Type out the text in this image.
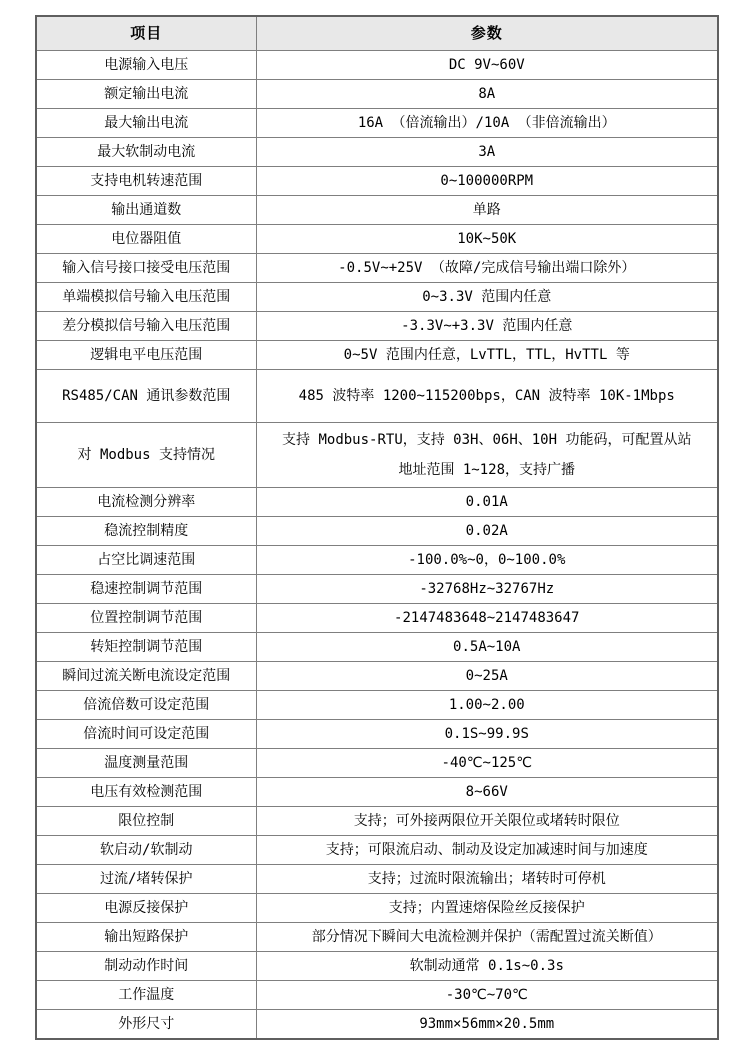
项目	参数
电源输入电压	DC 9V~60V
额定输出电流	8A
最大输出电流	16A （倍流输出）/10A （非倍流输出）
最大软制动电流	3A
支持电机转速范围	0~100000RPM
输出通道数	单路
电位器阻值	10K~50K
输入信号接口接受电压范围	-0.5V~+25V （故障/完成信号输出端口除外）
单端模拟信号输入电压范围	0~3.3V 范围内任意
差分模拟信号输入电压范围	-3.3V~+3.3V 范围内任意
逻辑电平电压范围	0~5V 范围内任意，LvTTL，TTL，HvTTL 等
RS485/CAN 通讯参数范围	485 波特率 1200~115200bps，CAN 波特率 10K-1Mbps
对 Modbus 支持情况	支持 Modbus-RTU，支持 03H、06H、10H 功能码，可配置从站地址范围 1~128，支持广播
电流检测分辨率	0.01A
稳流控制精度	0.02A
占空比调速范围	-100.0%~0，0~100.0%
稳速控制调节范围	-32768Hz~32767Hz
位置控制调节范围	-2147483648~2147483647
转矩控制调节范围	0.5A~10A
瞬间过流关断电流设定范围	0~25A
倍流倍数可设定范围	1.00~2.00
倍流时间可设定范围	0.1S~99.9S
温度测量范围	-40℃~125℃
电压有效检测范围	8~66V
限位控制	支持；可外接两限位开关限位或堵转时限位
软启动/软制动	支持；可限流启动、制动及设定加减速时间与加速度
过流/堵转保护	支持；过流时限流输出；堵转时可停机
电源反接保护	支持；内置速熔保险丝反接保护
输出短路保护	部分情况下瞬间大电流检测并保护（需配置过流关断值）
制动动作时间	软制动通常 0.1s~0.3s
工作温度	-30℃~70℃
外形尺寸	93mm×56mm×20.5mm
